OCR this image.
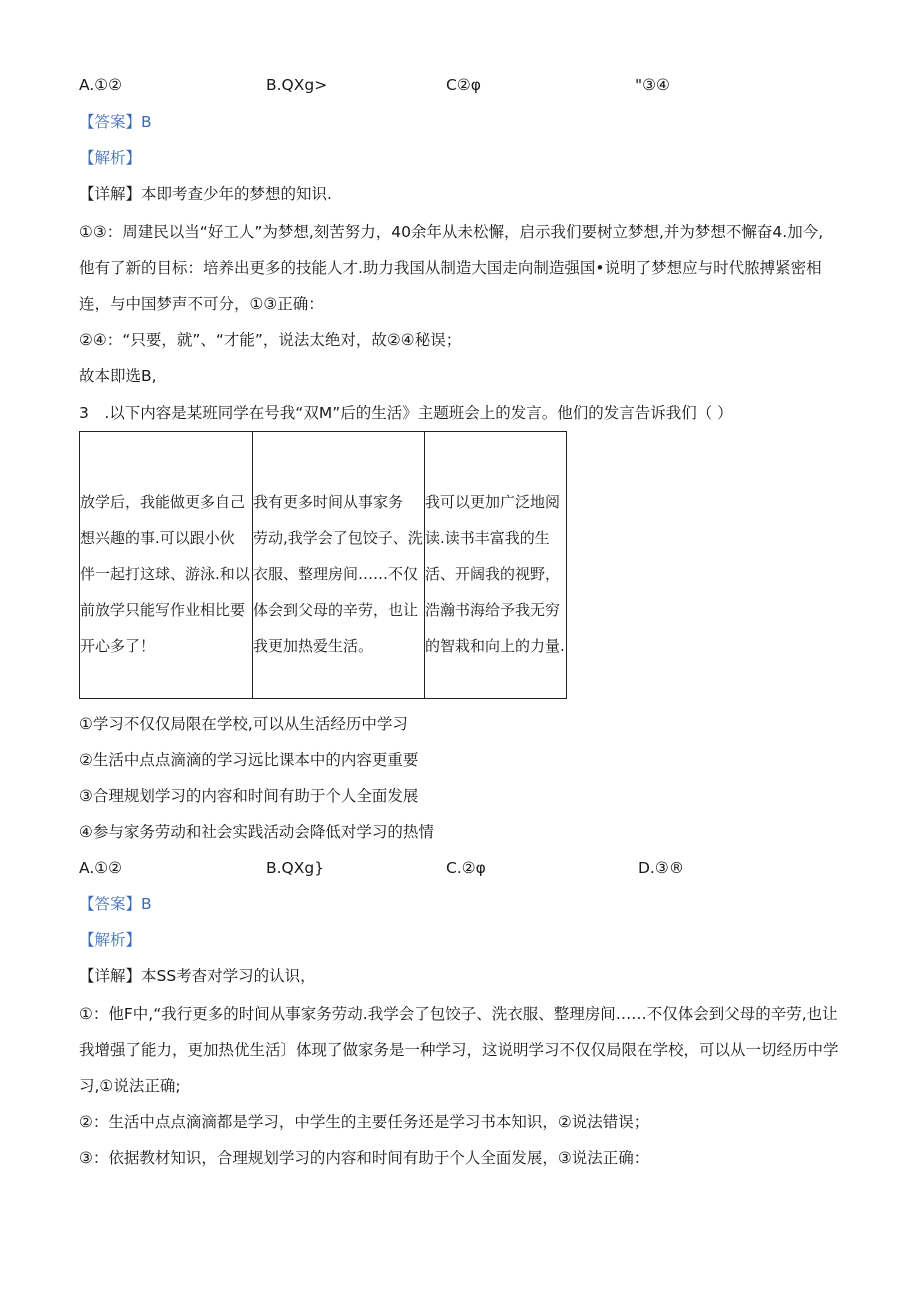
A.①②	B.QXg>	C②φ	"③④
【答案】B
【解析】
【详解】本即考查少年的梦想的知识.
①③：周建民以当“好工人”为梦想,刻苦努力，40余年从未松懈，启示我们要树立梦想,并为梦想不懈奋4.加今,
他有了新的目标：培养出更多的技能人才.助力我国从制造大国走向制造强国•说明了梦想应与时代脓搏紧密相
连，与中国梦声不可分，①③正确：
②④：“只要，就”、“才能”，说法太绝对，故②④秘误；
故本即选B,
3　.以下内容是某班同学在号我“双M”后的生活》主题班会上的发言。他们的发言告诉我们（ ）
放学后，我能做更多自己
想兴趣的事.可以跟小伙
伴一起打这球、游泳.和以
前放学只能写作业相比要
开心多了！

我有更多时间从事家务
劳动,我学会了包饺子、洗
衣服、整理房间……不仅
体会到父母的辛劳，也让
我更加热爱生活。

我可以更加广泛地阅
读.读书丰富我的生
活、开阔我的视野，
浩瀚书海给予我无穷
的智栽和向上的力量.
①学习不仅仅局限在学校,可以从生活经历中学习
②生活中点点滴滴的学习远比课本中的内容更重要
③合理规划学习的内容和时间有助于个人全面发展
④参与家务劳动和社会实践活动会降低对学习的热情
A.①②	B.QXg}	C.②φ	D.③®
【答案】B
【解析】
【详解】本SS考杳对学习的认识，
①：他F中,“我行更多的时间从事家务劳动.我学会了包饺子、洗衣服、整理房间……不仅体会到父母的辛劳,也让
我增强了能力，更加热优生活〕体现了做家务是一种学习，这说明学习不仅仅局限在学校，可以从一切经历中学
习,①说法正确;
②：生活中点点滴滴都是学习，中学生的主要任务还是学习书本知识，②说法错误；
③：依据教材知识，合理规划学习的内容和时间有助于个人全面发展，③说法正确：
